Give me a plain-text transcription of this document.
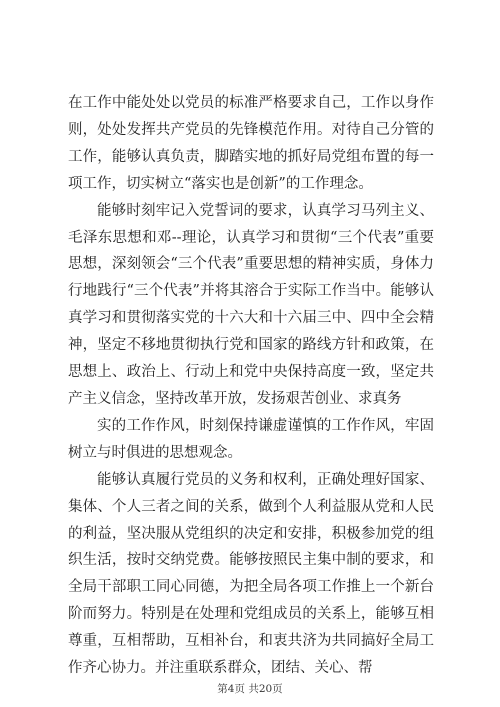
在工作中能处处以党员的标准严格要求自己，工作以身作则，处处发挥共产党员的先锋模范作用。对待自己分管的工作，能够认真负责，脚踏实地的抓好局党组布置的每一项工作，切实树立“落实也是创新”的工作理念。

能够时刻牢记入党誓词的要求，认真学习马列主义、毛泽东思想和邓--理论，认真学习和贯彻“三个代表”重要思想，深刻领会“三个代表”重要思想的精神实质，身体力行地践行“三个代表”并将其溶合于实际工作当中。能够认真学习和贯彻落实党的十六大和十六届三中、四中全会精神，坚定不移地贯彻执行党和国家的路线方针和政策，在思想上、政治上、行动上和党中央保持高度一致，坚定共产主义信念，坚持改革开放，发扬艰苦创业、求真务

实的工作作风，时刻保持谦虚谨慎的工作作风，牢固树立与时俱进的思想观念。

能够认真履行党员的义务和权利，正确处理好国家、集体、个人三者之间的关系，做到个人利益服从党和人民的利益，坚决服从党组织的决定和安排，积极参加党的组织生活，按时交纳党费。能够按照民主集中制的要求，和全局干部职工同心同德，为把全局各项工作推上一个新台阶而努力。特别是在处理和党组成员的关系上，能够互相尊重，互相帮助，互相补台，和衷共济为共同搞好全局工作齐心协力。并注重联系群众，团结、关心、帮

第4页 共20页
